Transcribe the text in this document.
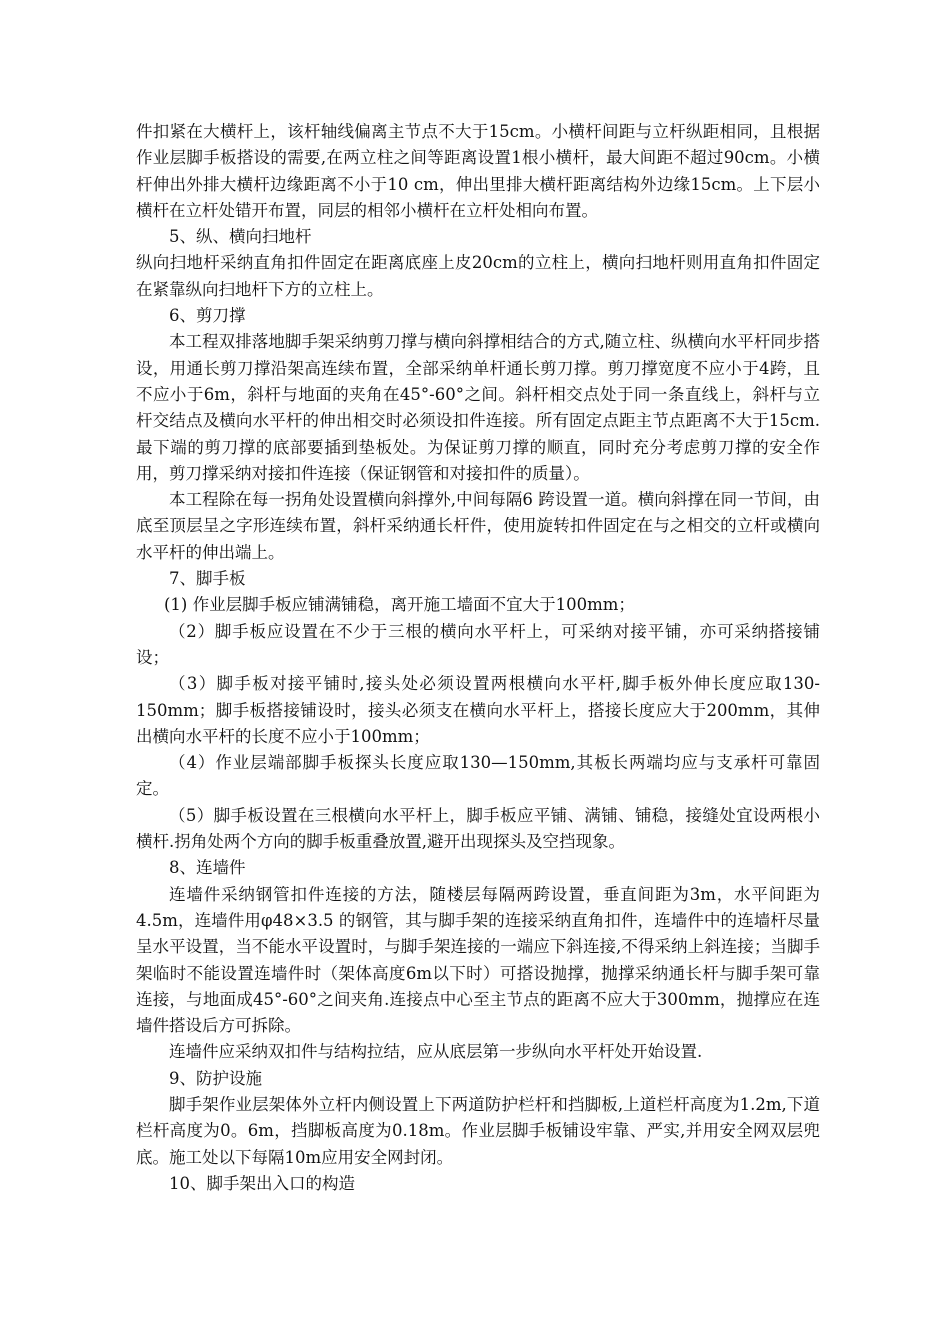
件扣紧在大横杆上，该杆轴线偏离主节点不大于15cm。小横杆间距与立杆纵距相同，且根据作业层脚手板搭设的需要,在两立柱之间等距离设置1根小横杆，最大间距不超过90cm。小横杆伸出外排大横杆边缘距离不小于10 cm，伸出里排大横杆距离结构外边缘15cm。上下层小横杆在立杆处错开布置，同层的相邻小横杆在立杆处相向布置。

5、纵、横向扫地杆

纵向扫地杆采纳直角扣件固定在距离底座上皮20cm的立柱上，横向扫地杆则用直角扣件固定在紧靠纵向扫地杆下方的立柱上。

6、剪刀撑

本工程双排落地脚手架采纳剪刀撑与横向斜撑相结合的方式,随立柱、纵横向水平杆同步搭设，用通长剪刀撑沿架高连续布置，全部采纳单杆通长剪刀撑。剪刀撑宽度不应小于4跨，且不应小于6m，斜杆与地面的夹角在45°-60°之间。斜杆相交点处于同一条直线上，斜杆与立杆交结点及横向水平杆的伸出相交时必须设扣件连接。所有固定点距主节点距离不大于15cm.最下端的剪刀撑的底部要插到垫板处。为保证剪刀撑的顺直，同时充分考虑剪刀撑的安全作用，剪刀撑采纳对接扣件连接（保证钢管和对接扣件的质量）。

本工程除在每一拐角处设置横向斜撑外,中间每隔6 跨设置一道。横向斜撑在同一节间，由底至顶层呈之字形连续布置，斜杆采纳通长杆件，使用旋转扣件固定在与之相交的立杆或横向水平杆的伸出端上。

7、脚手板

(1) 作业层脚手板应铺满铺稳，离开施工墙面不宜大于100mm；

（2）脚手板应设置在不少于三根的横向水平杆上，可采纳对接平铺，亦可采纳搭接铺设；

（3）脚手板对接平铺时,接头处必须设置两根横向水平杆,脚手板外伸长度应取130-150mm；脚手板搭接铺设时，接头必须支在横向水平杆上，搭接长度应大于200mm，其伸出横向水平杆的长度不应小于100mm；

（4）作业层端部脚手板探头长度应取130—150mm,其板长两端均应与支承杆可靠固定。

（5）脚手板设置在三根横向水平杆上，脚手板应平铺、满铺、铺稳，接缝处宜设两根小横杆.拐角处两个方向的脚手板重叠放置,避开出现探头及空挡现象。

8、连墙件

连墙件采纳钢管扣件连接的方法，随楼层每隔两跨设置，垂直间距为3m，水平间距为4.5m，连墙件用φ48×3.5 的钢管，其与脚手架的连接采纳直角扣件，连墙件中的连墙杆尽量呈水平设置，当不能水平设置时，与脚手架连接的一端应下斜连接,不得采纳上斜连接；当脚手架临时不能设置连墙件时（架体高度6m以下时）可搭设抛撑，抛撑采纳通长杆与脚手架可靠连接，与地面成45°-60°之间夹角.连接点中心至主节点的距离不应大于300mm，抛撑应在连墙件搭设后方可拆除。

连墙件应采纳双扣件与结构拉结，应从底层第一步纵向水平杆处开始设置.

9、防护设施

脚手架作业层架体外立杆内侧设置上下两道防护栏杆和挡脚板,上道栏杆高度为1.2m,下道栏杆高度为0。6m，挡脚板高度为0.18m。作业层脚手板铺设牢靠、严实,并用安全网双层兜底。施工处以下每隔10m应用安全网封闭。

10、脚手架出入口的构造
